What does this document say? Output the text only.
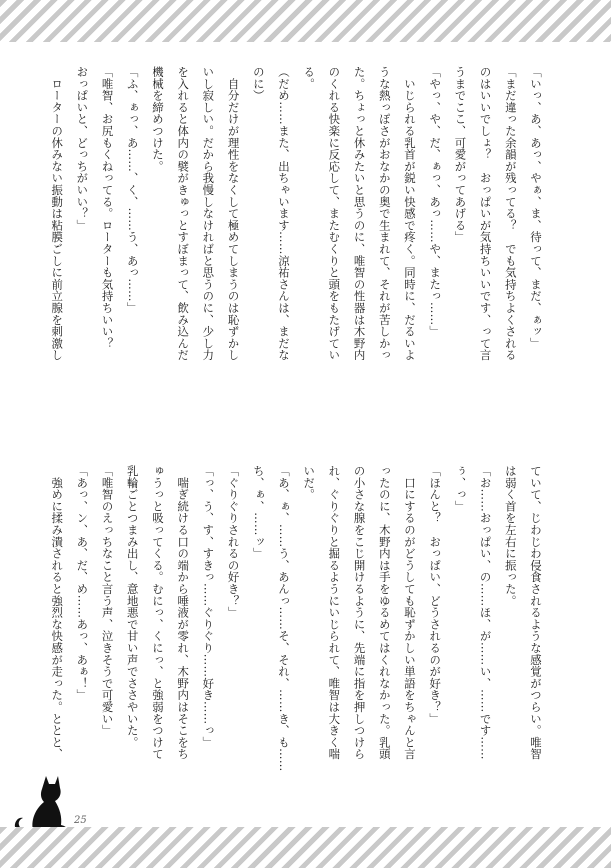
「いっ、あ、あっ、やぁ、ま、待って、まだ、ぁッ」
「まだ違った余韻が残ってる？　でも気持ちよくされる
のはいいでしょ？　おっぱいが気持ちいいです、って言
うまでここ、可愛がってあげる」
「やっ、や、だ、ぁっ、あっ……や、またっ……」
　いじられる乳首が鋭い快感で疼く。同時に、だるいよ
うな熱っぽさがおなかの奥で生まれて、それが苦しかっ
た。ちょっと休みたいと思うのに、唯智の性器は木野内
のくれる快楽に反応して、またむくりと頭をもたげてい
る。
（だめ……また、出ちゃいます……涼祐さんは、まだな
のに）
　自分だけが理性をなくして極めてしまうのは恥ずかし
いし寂しい。だから我慢しなければと思うのに、少し力
を入れると体内の襞がきゅっとすぼまって、飲み込んだ
機械を締めつけた。
「ふ、ぁっ、あ……、く、……う、あっ……」
「唯智、お尻もくねってる。ローターも気持ちいい？
おっぱいと、どっちがいい？」
　ローターの休みない振動は粘膜ごしに前立腺を刺激し
ていて、じわじわ侵食されるような感覚がつらい。唯智
は弱く首を左右に振った。
「お……おっぱい、の……ほ、が……い、……です……
ぅ、っ」
「ほんと？　おっぱい、どうされるのが好き？」
　口にするのがどうしても恥ずかしい単語をちゃんと言
ったのに、木野内は手をゆるめてはくれなかった。乳頭
の小さな腺をこじ開けるように、先端に指を押しつけら
れ、ぐりぐりと掘るようにいじられて、唯智は大きく喘
いだ。
「あ、ぁ、……う、あんっ……そ、それ、……き、も……
ち、ぁ、……ッ」
「ぐりぐりされるの好き？」
「っ、う、す、すきっ……ぐりぐり……好き……っ」
　喘ぎ続ける口の端から唾液が零れ、木野内はそこをち
ゅうっと吸ってくる。むにっ、くにっ、と強弱をつけて
乳輪ごとつまみ出し、意地悪で甘い声でささやいた。
「唯智のえっちなこと言う声、泣きそうで可愛い」
「あっ、ン、あ、だ、め……あっ、あぁ！」
　強めに揉み潰されると強烈な快感が走った。ととと、
25
